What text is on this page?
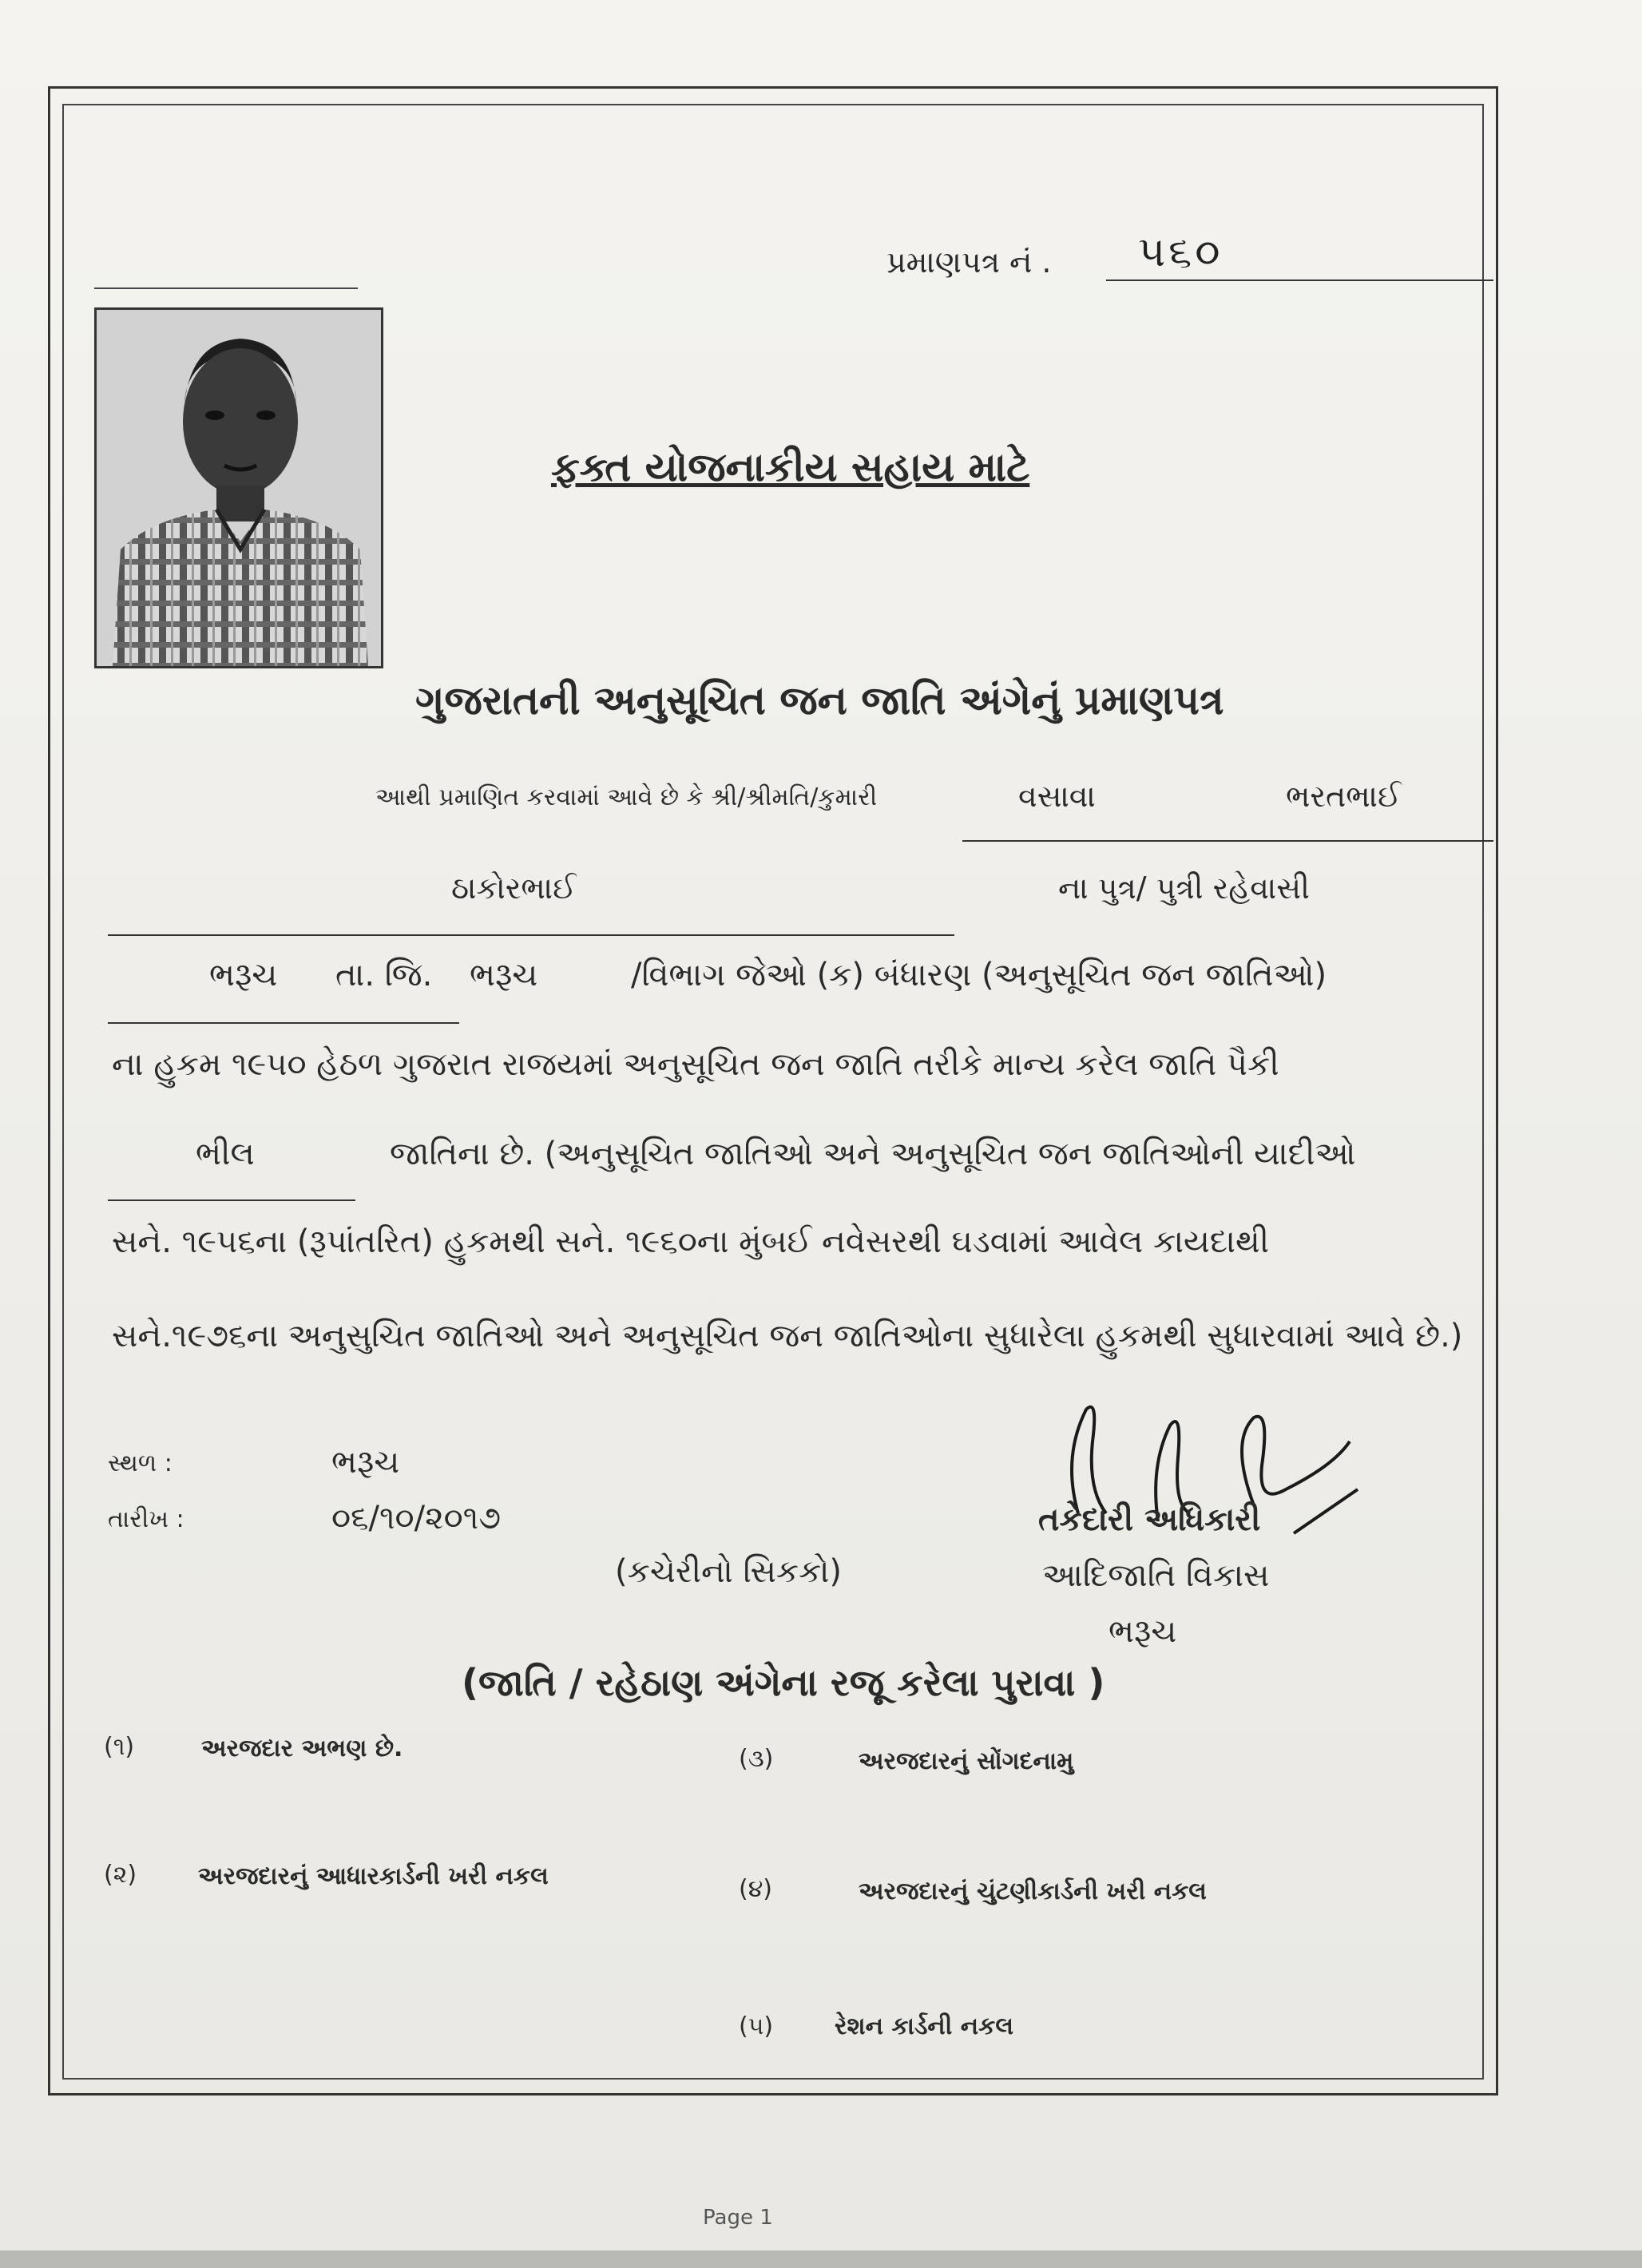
પ્રમાણપત્ર નં . ૫૬૦
ફક્ત યોજનાકીય સહાય માટે
ગુજરાતની અનુસૂચિત જન જાતિ અંગેનું પ્રમાણપત્ર
આથી પ્રમાણિત કરવામાં આવે છે કે શ્રી/શ્રીમતિ/કુમારી	વસાવા	ભરતભાઈ
ઠાકોરભાઈ	ના પુત્ર/ પુત્રી રહેવાસી
ભરૂચ તા. જિ. ભરૂચ	/વિભાગ જેઓ (ક) બંધારણ (અનુસૂચિત જન જાતિઓ)
ના હુકમ ૧૯૫૦ હેઠળ ગુજરાત રાજયમાં અનુસૂચિત જન જાતિ તરીકે માન્ય કરેલ જાતિ પૈકી
ભીલ	જાતિના છે. (અનુસૂચિત જાતિઓ અને અનુસૂચિત જન જાતિઓની યાદીઓ
સને. ૧૯૫૬ના (રૂપાંતરિત) હુકમથી સને. ૧૯૬૦ના મુંબઈ નવેસરથી ઘડવામાં આવેલ કાયદાથી
સને.૧૯૭૬ના અનુસુચિત જાતિઓ અને અનુસૂચિત જન જાતિઓના સુધારેલા હુકમથી સુધારવામાં આવે છે.)
સ્થળ :	ભરૂચ
તારીખ :	૦૬/૧૦/૨૦૧૭
(કચેરીનો સિકકો)
તકેદારી અધિકારી
આદિજાતિ વિકાસ
ભરૂચ
(જાતિ / રહેઠાણ અંગેના રજૂ કરેલા પુરાવા )
(૧)	અરજદાર અભણ છે.
(૨)	અરજદારનું આધારકાર્ડની ખરી નકલ
(૩)	અરજદારનું સોંગદનામુ
(૪)	અરજદારનું ચુંટણીકાર્ડની ખરી નકલ
(૫)	રેશન કાર્ડની નકલ
Page 1
